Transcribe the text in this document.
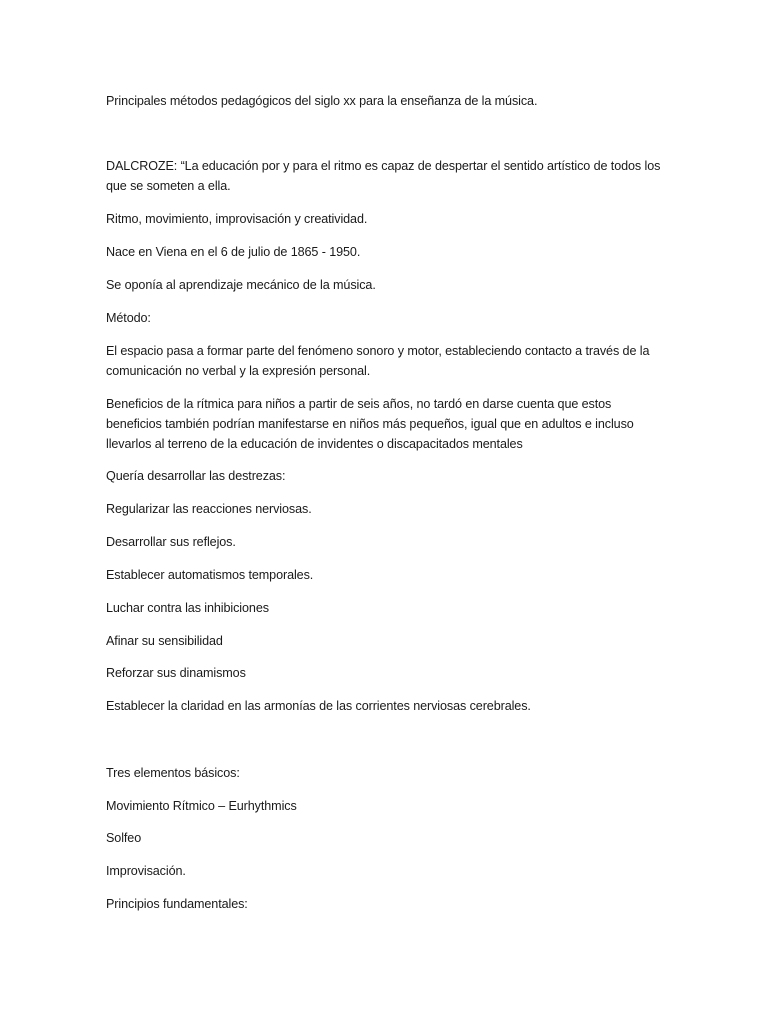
Principales métodos pedagógicos del siglo xx para la enseñanza de la música.

DALCROZE: “La educación por y para el ritmo es capaz de despertar el sentido artístico de todos los que se someten a ella.

Ritmo, movimiento, improvisación y creatividad.

Nace en Viena en el 6 de julio de 1865 - 1950.

Se oponía al aprendizaje mecánico de la música.

Método:

El espacio pasa a formar parte del fenómeno sonoro y motor, estableciendo contacto a través de la comunicación no verbal y la expresión personal.

Beneficios de la rítmica para niños a partir de seis años, no tardó en darse cuenta que estos beneficios también podrían manifestarse en niños más pequeños, igual que en adultos e incluso llevarlos al terreno de la educación de invidentes o discapacitados mentales

Quería desarrollar las destrezas:

Regularizar las reacciones nerviosas.

Desarrollar sus reflejos.

Establecer automatismos temporales.

Luchar contra las inhibiciones

Afinar su sensibilidad

Reforzar sus dinamismos

Establecer la claridad en las armonías de las corrientes nerviosas cerebrales.

Tres elementos básicos:

Movimiento Rítmico – Eurhythmics

Solfeo

Improvisación.

Principios fundamentales:
